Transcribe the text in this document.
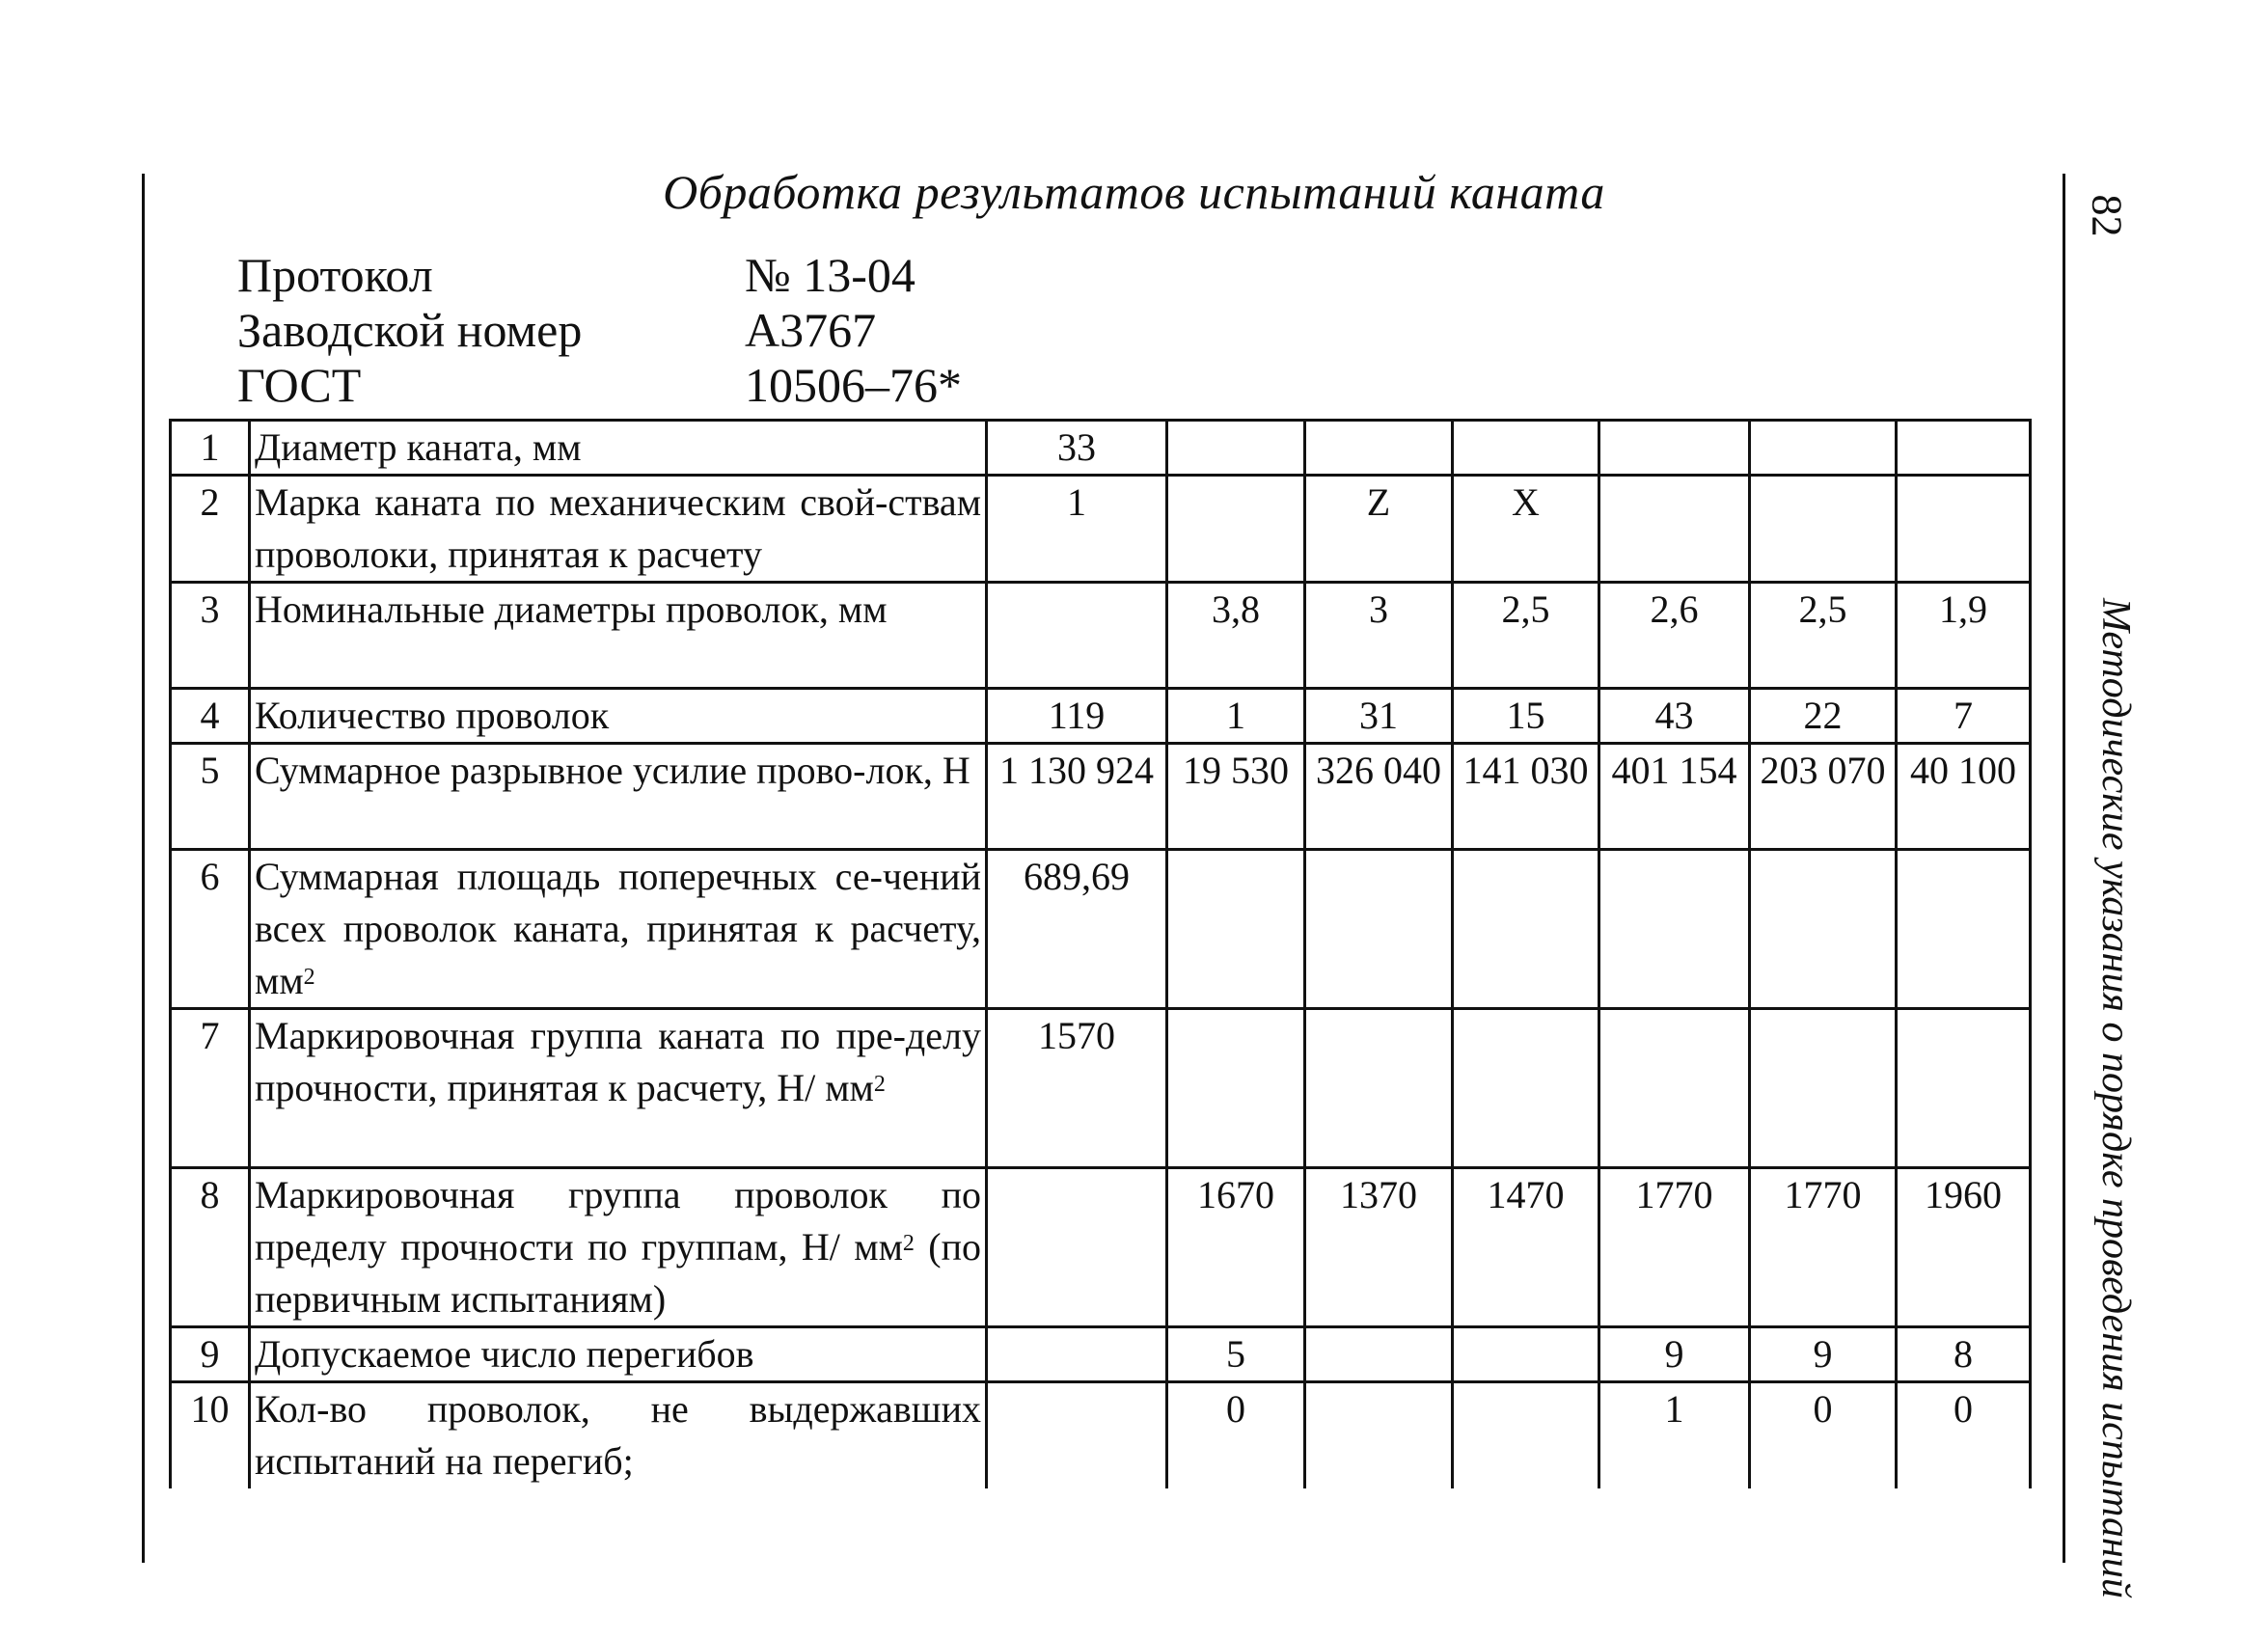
Обработка результатов испытаний каната	82
Методические указания о порядке проведения испытаний
Протокол	№ 13-04
Заводской номер	А3767
ГОСТ	10506–76*
1	Диаметр каната, мм	33						
2	Марка каната по механическим свой-ствам проволоки, принятая к расчету	1		Z	X			
3	Номинальные диаметры проволок, мм		3,8	3	2,5	2,6	2,5	1,9
4	Количество проволок	119	1	31	15	43	22	7
5	Суммарное разрывное усилие прово-лок, Н	1 130 924	19 530	326 040	141 030	401 154	203 070	40 100
6	Суммарная площадь поперечных се-чений всех проволок каната, принятая к расчету, $мм^2$	689,69						
7	Маркировочная группа каната по пре-делу прочности, принятая к расчету, Н/ $мм^2$	1570						
8	Маркировочная группа проволок по пределу прочности по группам, Н/ $мм^2$ (по первичным испытаниям)		1670	1370	1470	1770	1770	1960
9	Допускаемое число перегибов		5			9	9	8
10	Кол-во проволок, не выдержавших испытаний на перегиб;		0			1	0	0
